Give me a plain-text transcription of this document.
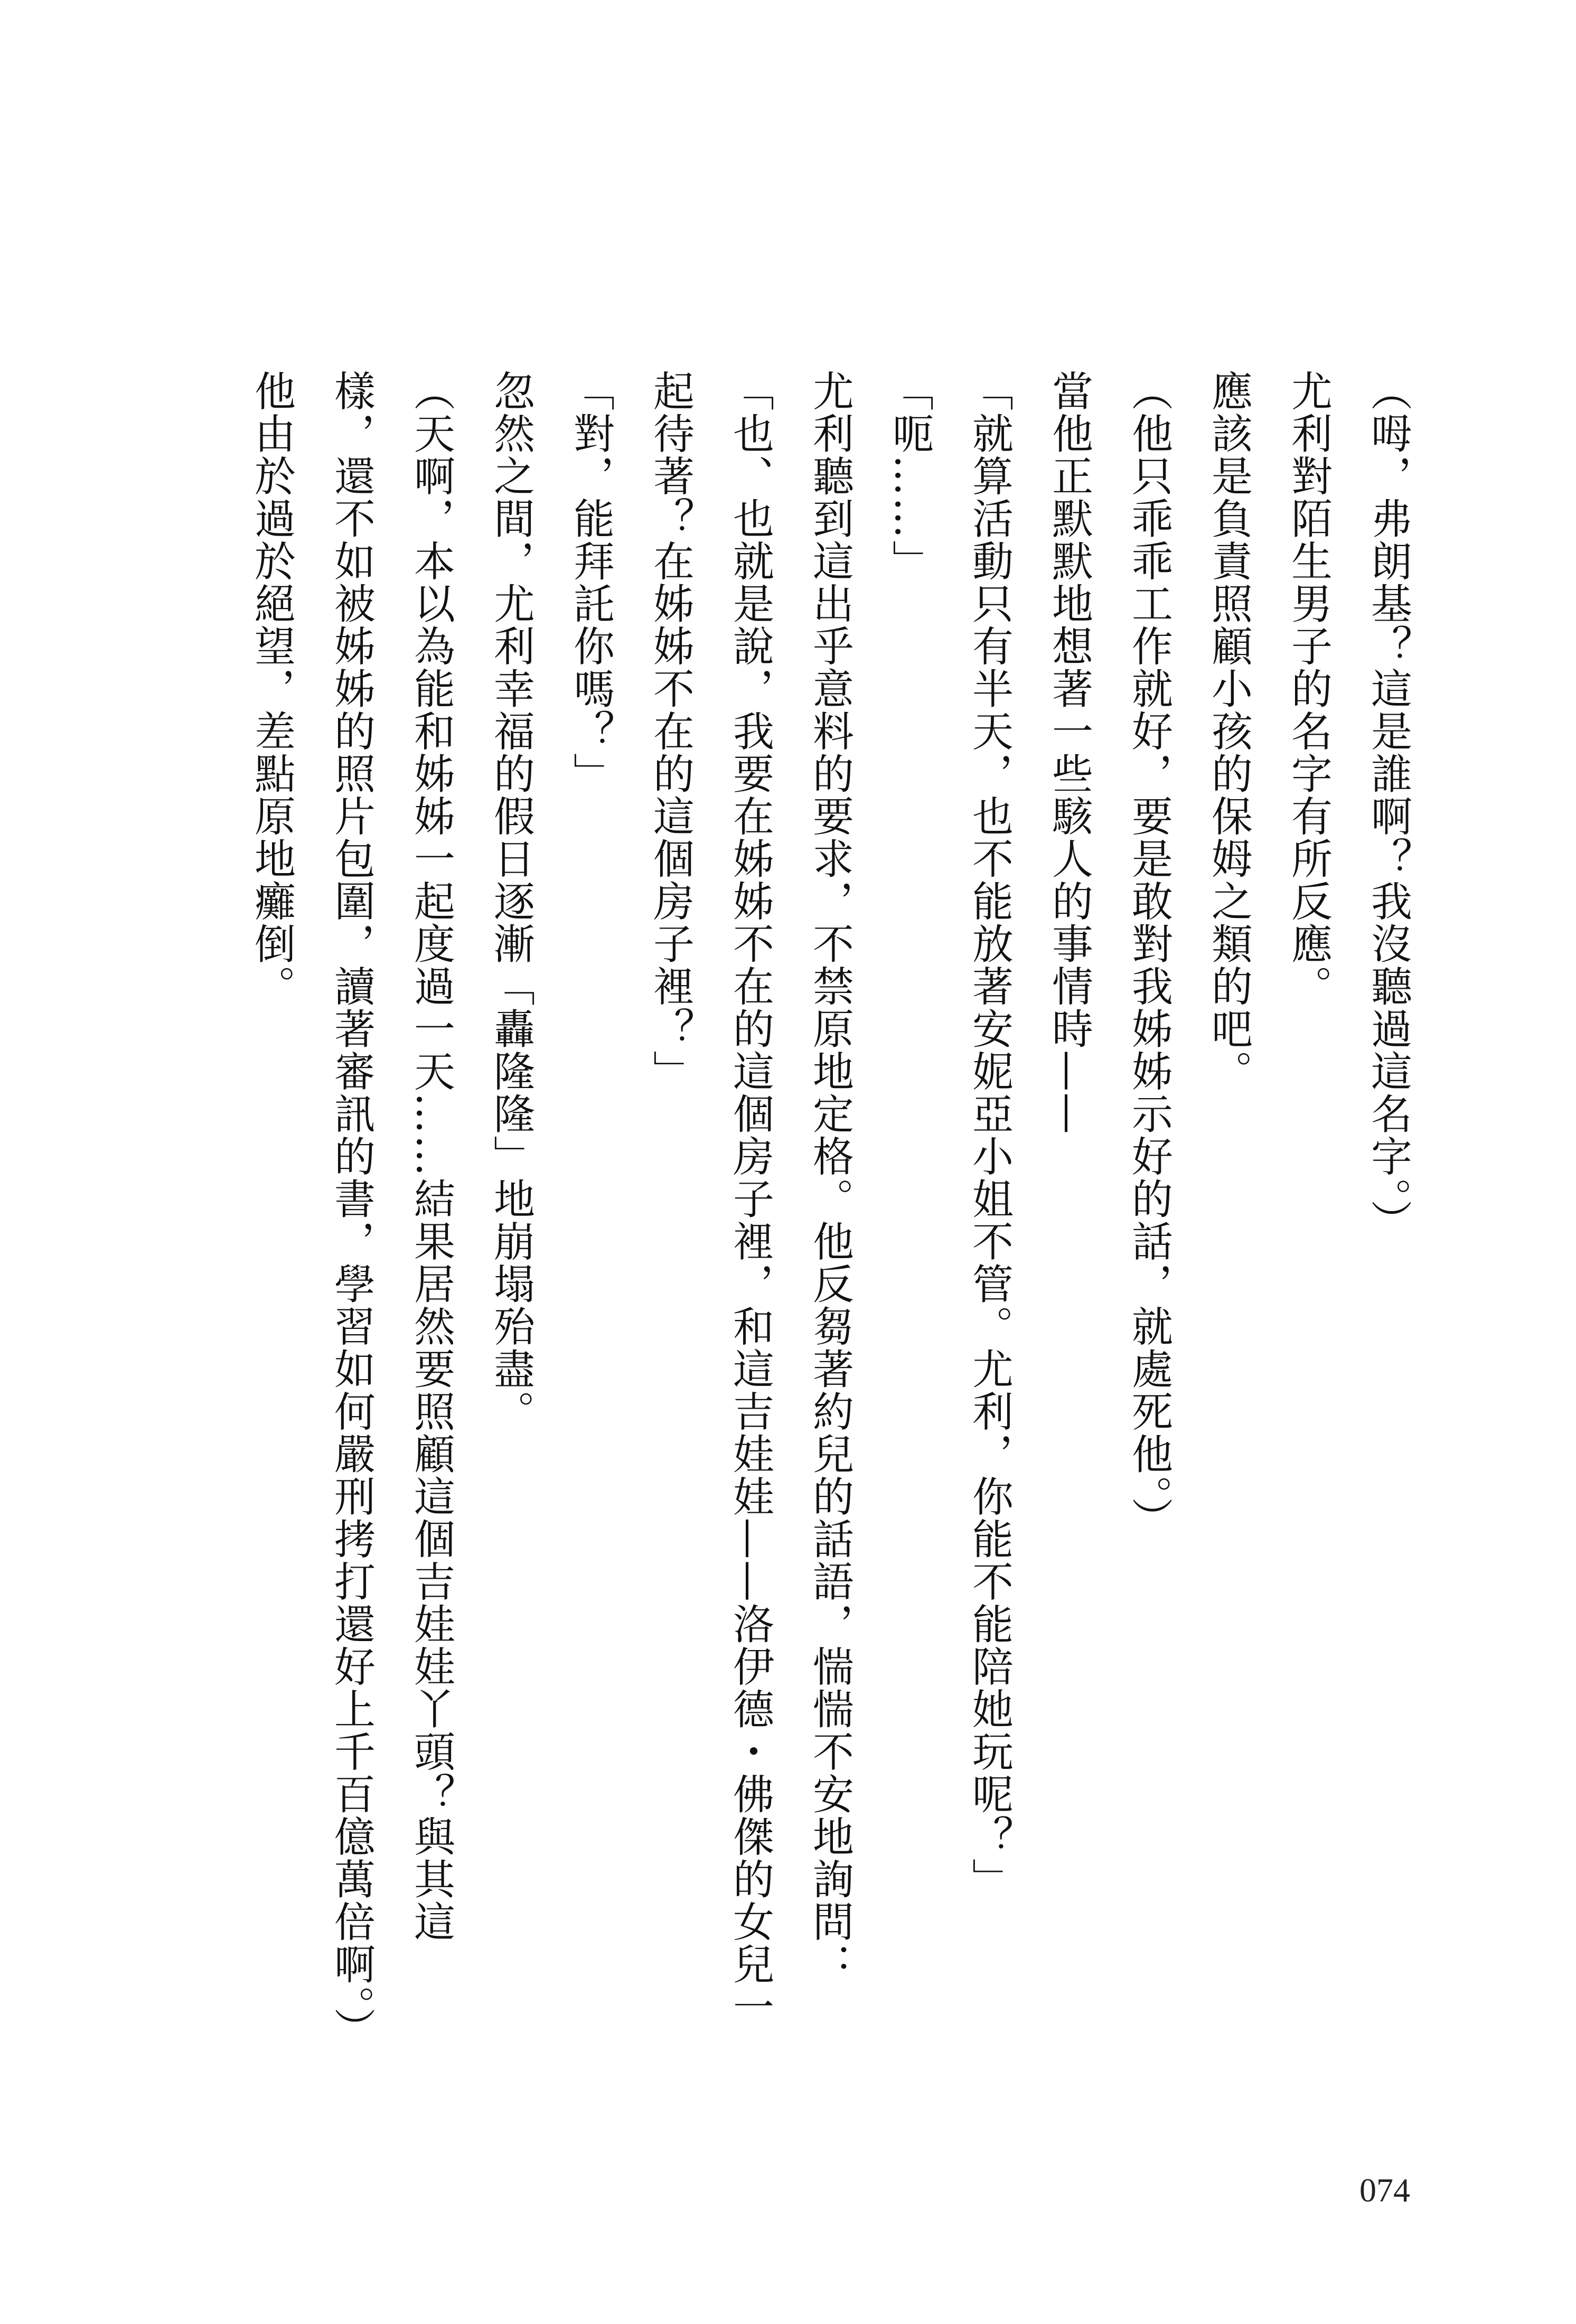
（呣，弗朗基？這是誰啊？我沒聽過這名字。）
尤利對陌生男子的名字有所反應。
應該是負責照顧小孩的保姆之類的吧。
（他只乖乖工作就好，要是敢對我姊姊示好的話，就處死他。）
當他正默默地想著一些駭人的事情時——
「就算活動只有半天，也不能放著安妮亞小姐不管。尤利，你能不能陪她玩呢？」
「呃……」
尤利聽到這出乎意料的要求，不禁原地定格。他反芻著約兒的話語，惴惴不安地詢問：
「也、也就是說，我要在姊姊不在的這個房子裡，和這吉娃娃——洛伊德・佛傑的女兒一
起待著？在姊姊不在的這個房子裡？」
「對，能拜託你嗎？」
忽然之間，尤利幸福的假日逐漸「轟隆隆」地崩塌殆盡。
（天啊，本以為能和姊姊一起度過一天……結果居然要照顧這個吉娃娃丫頭？與其這
樣，還不如被姊姊的照片包圍，讀著審訊的書，學習如何嚴刑拷打還好上千百億萬倍啊。）
他由於過於絕望，差點原地癱倒。
074
